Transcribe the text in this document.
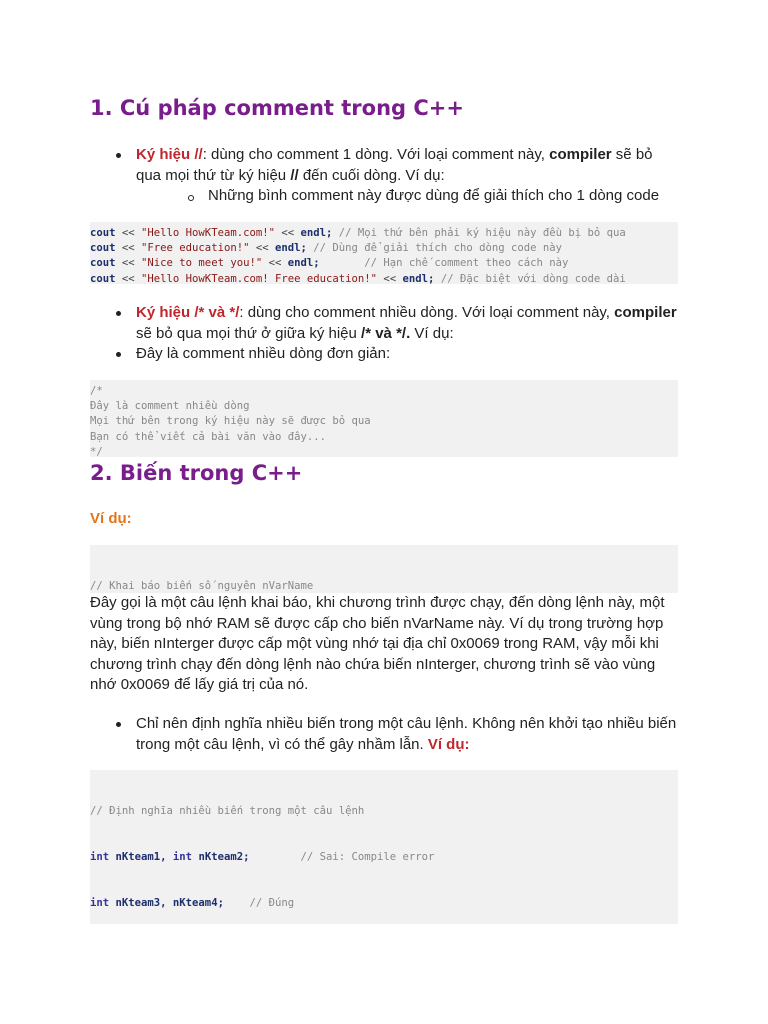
1. Cú pháp comment trong C++
Ký hiệu //: dùng cho comment 1 dòng. Với loại comment này, compiler sẽ bỏ qua mọi thứ từ ký hiệu // đến cuối dòng. Ví dụ:
Những bình comment này được dùng để giải thích cho 1 dòng code
cout << "Hello HowKTeam.com!" << endl; // Mọi thứ bên phải ký hiệu này đều bị bỏ qua
cout << "Free education!" << endl; // Dùng để giải thích cho dòng code này
cout << "Nice to meet you!" << endl;       // Hạn chế comment theo cách này
cout << "Hello HowKTeam.com! Free education!" << endl; // Đặc biệt với dòng code dài
Ký hiệu /* và */: dùng cho comment nhiều dòng. Với loại comment này, compiler sẽ bỏ qua mọi thứ ở giữa ký hiệu /* và */. Ví dụ:
Đây là comment nhiều dòng đơn giản:
/*
Đây là comment nhiều dòng
Mọi thứ bên trong ký hiệu này sẽ được bỏ qua
Bạn có thể viết cả bài văn vào đây...
*/
2. Biến trong C++

Ví dụ:

// Khai báo biến số nguyên nVarName

Đây gọi là một câu lệnh khai báo, khi chương trình được chạy, đến dòng lệnh này, một vùng trong bộ nhớ RAM sẽ được cấp cho biến nVarName này. Ví dụ trong trường hợp này, biến nInterger được cấp một vùng nhớ tại địa chỉ 0x0069 trong RAM, vậy mỗi khi chương trình chạy đến dòng lệnh nào chứa biến nInterger, chương trình sẽ vào vùng nhớ 0x0069 để lấy giá trị của nó.

Chỉ nên định nghĩa nhiều biến trong một câu lệnh. Không nên khởi tạo nhiều biến trong một câu lệnh, vì có thể gây nhầm lẫn. Ví dụ:

// Định nghĩa nhiều biến trong một câu lệnh

int nKteam1, int nKteam2;        // Sai: Compile error

int nKteam3, nKteam4;    // Đúng
